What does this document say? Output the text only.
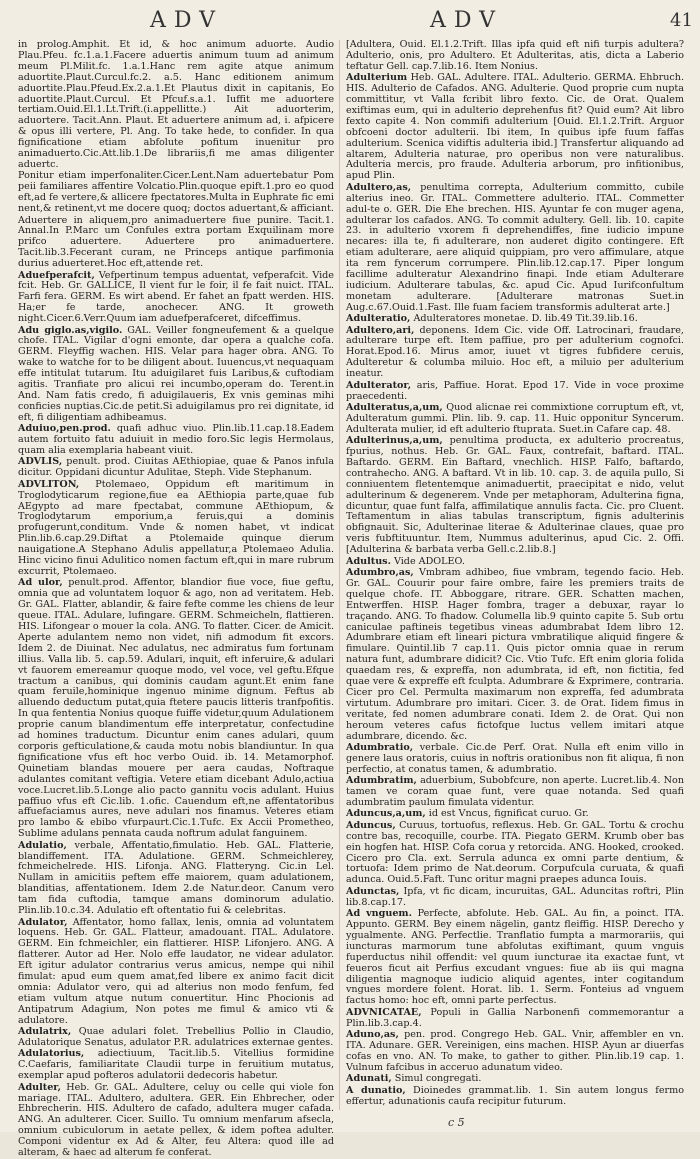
ADV	ADV	41

in prolog.Amphit. Et id, & hoc animum aduorte. Audio Plau.Pfeu. fc.1.a.1.Facere aduertis animum tuum ad animum meum Pl.Milit.fc. 1.a.1.Hanc rem agite atque animum aduortite.Plaut.Curcul.fc.2. a.5. Hanc editionem animum aduortite.Plau.Pfeud.Ex.2.a.1.Et Plautus dixit in capitanis, Eo aduortite.Plaut.Curcul. Et Pfcuf.s.a.1. Iuffit me aduortere tertiam.Ouid.El.1.Lt.Trift.(i.appellitte.) Ait aduorterim, aduortere. Tacit.Ann. Plaut. Et aduertere animum ad, i. afpicere & opus illi vertere, Pl. Ang. To take hede, to confider. In qua fignificatione etiam abfolute pofitum inuenitur pro animaduerto.Cic.Att.lib.1.De librariis,fi me amas diligenter aduertc.

Ponitur etiam imperfonaliter.Cicer.Lent.Nam aduertebatur Pom peii familiares affentire Volcatio.Plin.quoque epift.1.pro eo quod eft,ad fe vertere,& allicere fpectatores.Multa in Euphrate fic emi nent,& retinent,vt me docere quoq; doctos aduertant,& afficiant.

Aduertere in aliquem,pro animaduertere fiue punire. Tacit.1. Annal.In P.Marc um Confules extra portam Exquilinam more prifco aduertere. Aduertere pro animaduertere. Tacit.lib.3.Fecerant curam, ne Princeps antique parfimonia durius aduerteret.Hoc eft,attende ret.

Aduefperafcit, Vefpertinum tempus aduentat, vefperafcit. Vide fcit. Heb. Gr. GALLICE, Il vient fur le foir, il fe fait nuict. ITAL. Farfi fera. GERM. Es wirt abend. Er fahet an fpatt werden. HIS. Ha;er fe tarde, anochecer. ANG. It groweth night.Cicer.6.Verr.Quum iam aduefperafceret, difceffimus.

Adu giglo.as,vigilo. GAL. Veiller fongneufement & a quelque chofe. ITAL. Vigilar d'ogni emonte, dar opera a qualche cofa. GERM. Fleyffig wachen. HIS. Velar para hager obra. ANG. To wake to watche for to be diligent about. Iuuencus,vt nequaquam effe intitulat tutarum. Itu aduigilaret fuis Laribus,& cuftodiam agitis. Tranfiate pro alicui rei incumbo,operam do. Terent.in And. Nam fatis credo, fi aduigilaueris, Ex vnis geminas mihi conficies nuptias.Cic.de petit.Si aduigilamus pro rei dignitate, id eft, fi diligentiam adhibeamus.

Aduiuo,pen.prod. quafi adhuc viuo. Plin.lib.11.cap.18.Eadem autem fortuito fatu aduiuit in medio foro.Sic legis Hermolaus, quam alia exemplaria habeant viuit.

ADVLIS, penult. prod. Ciuitas AEthiopiae, quae & Panos infula dicitur. Oppidani dicuntur Adulitae, Steph. Vide Stephanum.

ADVLITON, Ptolemaeo, Oppidum eft maritimum in Troglodyticarum regione,fiue ea AEthiopia parte,quae fub AEgypto ad mare fpectabat, commune AEthiopum, & Troglodytarum emporium,a feruis,qui a dominis profugerunt,conditum. Vnde & nomen habet, vt indicat Plin.lib.6.cap.29.Diftat a Ptolemaide quinque dierum nauigatione.A Stephano Adulis appellatur,a Ptolemaeo Adulia. Hinc vicino finui Adulitico nomen factum eft,qui in mare rubrum excurrit, Ptolemaeo.

Ad ulor, penult.prod. Affentor, blandior fiue voce, fiue geftu, omnia que ad voluntatem loquor & ago, non ad veritatem. Heb. Gr. GAL. Flatter, ablandir, & faire fefte comme les chiens de leur queue. ITAL. Adulare, lufingare. GERM. Schmeicheln, flattieren. HIS. Lifongear o mouer la cola. ANG. To flatter. Cicer. de Amicit. Aperte adulantem nemo non videt, nifi admodum fit excors. Idem 2. de Diuinat. Nec adulatus, nec admiratus fum fortunam illius. Valla lib. 5. cap.59. Adulari, inquit, eft inferuire,& adulari vt fauorem emereamur quoque modo, vel voce, vel geftu.Efque tractum a canibus, qui dominis caudam agunt.Et enim fane quam feruile,hominique ingenuo minime dignum. Feftus ab alluendo deductum putat,quia ftetere paucis litteris tranfpofitis. In qua fententia Nonius quoque fuiffe videtur,quum Adulationem proprie canum blandimentum effe interpretatur, confectudine ad homines traductum. Dicuntur enim canes adulari, quum corporis gefticulatione,& cauda motu nobis blandiuntur. In qua fignificatione vfus eft hoc verbo Ouid. ib. 14. Metamorphof. Quinetiam blandas mouere per aera caudas, Noftraque adulantes comitant veftigia. Vetere etiam dicebant Adulo,actiua voce.Lucret.lib.5.Longe alio pacto gannitu vocis adulant. Huius paffiuo vfus eft Cic.lib. 1.ofic. Cauendum eft,ne affentatoribus affuefaciamus aures, neve adulari nos finamus. Veteres etiam pro lambo & ebibo vfurpaurt.Cic.1.Tufc. Ex Accii Prometheo, Sublime adulans pennata cauda noftrum adulat fanguinem.

Adulatio, verbale, Affentatio,fimulatio. Heb. GAL. Flatterie, blandiffement. ITA. Adulatione. GERM. Schmeichlerey, fchmeichelrede. HIS. Lifonja. ANG. Flatteryng. Cic.in Lel. Nullam in amicitiis peftem effe maiorem, quam adulationem, blanditias, affentationem. Idem 2.de Natur.deor. Canum vero tam fida cuftodia, tamque amans dominorum adulatio. Plin.lib.10.c.34. Adulatio eft oftentatio fui & celebritas.

Adulator, Affentator, homo fallax, lenis, omnia ad voluntatem loquens. Heb. Gr. GAL. Flatteur, amadouant. ITAL. Adulatore. GERM. Ein fchmeichler, ein flattierer. HISP. Lifonjero. ANG. A flatterer. Autor ad Her. Nolo effe laudator, ne videar adulator. Eft igitur adulator contrarius verus amicus, nempe qui nihil fimulat: apud eum quem amat,fed libere ex animo facit dicit omnia: Adulator vero, qui ad alterius non modo fenfum, fed etiam vultum atque nutum conuertitur. Hinc Phocionis ad Antipatrum Adagium, Non potes me fimul & amico vti & adulatore.

Adulatrix, Quae adulari folet. Trebellius Pollio in Claudio, Adulatorique Senatus, adulator P.R. adulatrices externae gentes.

Adulatorius, adiectiuum, Tacit.lib.5. Vitellius formidine C.Caefaris, familiaritate Claudii turpe in feruitium mutatus, exemplar apud pofteros adulatorii dedecoris habetur.

Adulter, Heb. Gr. GAL. Adultere, celuy ou celle qui viole fon mariage. ITAL. Adultero, adultera. GER. Ein Ehbrecher, oder Ehbrecherin. HIS. Adultero de cafado, adultera muger cafada. ANG. An adulterer. Cicer. Suillo. Tu omnium menfarum afsecla, omnium cubiculorum in aetate pellex, & idem poftea adulter. Componi videntur ex Ad & Alter, feu Altera: quod ille ad alteram, & haec ad alterum fe conferat.

[Adultera, Ouid. El.1.2.Trift. Illas ipfa quid eft nifi turpis adultera? Adulterio, onis, pro Adultero. Et Adulteritas, atis, dicta a Laberio teftatur Gell. cap.7.lib.16. Item Nonius.

Adulterium Heb. GAL. Adultere. ITAL. Adulterio. GERMA. Ehbruch. HIS. Adulterio de Cafados. ANG. Adulterie. Quod proprie cum nupta committitur, vt Valla fcribit libro fexto. Cic. de Orat. Qualem exiftimas eum, qui in adulterio deprehenfus fit? Quid eum? Ait libro fexto capite 4. Non commifi adulterium [Ouid. El.1.2.Trift. Arguor obfcoeni doctor adulterii. Ibi item, In quibus ipfe fuum faffas adulterium. Scenica vidiftis adulteria ibid.] Transfertur aliquando ad altarem, Adulteria naturae, pro operibus non vere naturalibus. Adulteria mercis, pro fraude. Adulteria arborum, pro infitionibus, apud Plin.

Adultero,as, penultima correpta, Adulterium committo, cubile alterius ineo. Gr. ITAL. Commettere adulterio. ITAL. Commetter adul-te o. GER. Die Ehe brechen. HIS. Ayuntar fe con muger agena, adulterar los cafados. ANG. To commit adultery. Gell. lib. 10. capite 23. in adulterio vxorem fi deprehendiffes, fine iudicio impune necares: illa te, fi adulterare, non auderet digito contingere. Eft etiam adulterare, aere aliquid quippiam, pro vero affimulare, atque ita rem fyncerum corrumpere. Plin.lib.12.cap.17. Piper longum facillime adulteratur Alexandrino finapi. Inde etiam Adulterare iudicium. Adulterare tabulas, &c. apud Cic. Apud Iurifconfultum monetam adulterare. [Adulterare matronas Suet.in Aug.c.67.Ouid.1.Fast. Ille fuam faciem transformis adulterat arte.]

Adulteratio, Adulteratores monetae. D. lib.49 Tit.39.lib.16.

Adultero,ari, deponens. Idem Cic. vide Off. Latrocinari, fraudare, adulterare turpe eft. Item paffiue, pro per adulterium cognofci. Horat.Epod.16. Mirus amor, iuuet vt tigres fubfidere ceruis, Adulteretur & columba miluio. Hoc eft, a miluio per adulterium ineatur.

Adulterator, aris, Paffiue. Horat. Epod 17. Vide in voce proxime praecedenti.

Adulteratus,a,um, Quod alicnae rei commixtione corruptum eft, vt, Adulteratum gummi. Plin. lib. 9. cap. 11. Huic opponitur Syncerum. Adulterata mulier, id eft adulterio ftuprata. Suet.in Cafare cap. 48.

Adulterinus,a,um, penultima producta, ex adulterio procreatus, fpurius, nothus. Heb. Gr. GAL. Faux, contrefait, baftard. ITAL. Baftardo. GERM. Ein Baftard, vnechlich. HISP. Falfo, baftardo, contrahecho. ANG. A baftard. Vt in lib. 10. cap. 3. de aquila pullo, Si conniuentem fletentemque animaduertit, praecipitat e nido, velut adulterinum & degenerem. Vnde per metaphoram, Adulterina figna, dicuntur, quae funt falfa, affimilatique annulis facta. Cic. pro Cluent. Teftamentum in alias tabulas transcriptum, fignis adulterinis obfignauit. Sic, Adulterinae literae & Adulterinae claues, quae pro veris fubftituuntur. Item, Nummus adulterinus, apud Cic. 2. Offi. [Adulterina & barbata verba Gell.c.2.lib.8.]

Adultus. Vide ADOLEO.

Adumbro,as, Vmbram adhibeo, fiue vmbram, tegendo facio. Heb. Gr. GAL. Couurir pour faire ombre, faire les premiers traits de quelque chofe. IT. Abboggare, ritrare. GER. Schatten machen, Entwerffen. HISP. Hager fombra, trager a debuxar, rayar lo traçando. ANG. To fhadow. Columella lib.9 quinto capite 5. Sub ortu caniculae paftineis tegetibus vineas adumbrabat Idem libro 12. Adumbrare etiam eft lineari pictura vmbratilique aliquid fingere & fimulare. Quintil.lib 7 cap.11. Quis pictor omnia quae in rerum natura funt, adumbrare didicit? Cic. Vtio Tufc. Eft enim gloria folida quaedam res, & expreffa, non adumbrata, id eft, non fictitia, fed quae vere & expreffe eft fculpta. Adumbrare & Exprimere, contraria. Cicer pro Cel. Permulta maximarum non expreffa, fed adumbrata virtutum. Adumbrare pro imitari. Cicer. 3. de Orat. Iidem fimus in veritate, fed nomen adumbrare conati. Idem 2. de Orat. Qui non heroum veteres cafus fictofque luctus vellem imitari atque adumbrare, dicendo. &c.

Adumbratio, verbale. Cic.de Perf. Orat. Nulla eft enim villo in genere laus oratoris, cuius in noftris orationibus non fit aliqua, fi non perfectio, at conatus tamen, & adumbratio.

Adumbratim, aduerbium, Subobfcure, non aperte. Lucret.lib.4. Non tamen ve coram quae funt, vere quae notanda. Sed quafi adumbratim paulum fimulata videntur.

Aduncus,a,um, id est Vncus, fignificat curuo. Gr.

Aduncus, Curuus, tortuofus, reflexus. Heb. Gr. GAL. Tortu & crochu contre bas, recoquille, courbe. ITA. Piegato GERM. Krumb ober bas ein hogfen hat. HISP. Cofa corua y retorcida. ANG. Hooked, crooked. Cicero pro Cla. ext. Serrula adunca ex omni parte dentium, & tortuofa: Idem primo de Nat.deorum. Corpufcula curuata, & quafi adunca. Ouid.5.Faft. Tunc oritur magni praepes adunca Iouis.

Adunctas, Ipfa, vt fic dicam, incuruitas, GAL. Aduncitas roftri, Plin lib.8.cap.17.

Ad vnguem. Perfecte, abfolute. Heb. GAL. Au fin, a poinct. ITA. Appunto. GERM. Bey einem nägelin, gantz fleiffig. HISP. Derecho y ygualmente. ANG. Perfectlie. Tranflatio fumpta a marmorariis, qui iuncturas marmorum tune abfolutas exiftimant, quum vnguis fuperductus nihil offendit: vel quum iuncturae ita exactae funt, vt feueros ficut ait Perfius excudant vngues: fiue ab iis qui magna diligentia magnoque iudicio aliquid agentes, inter cogitandum vngues mordere folent. Horat. lib. 1. Serm. Fonteius ad vnguem factus homo: hoc eft, omni parte perfectus.

ADVNICATAE, Populi in Gallia Narbonenfi commemorantur a Plin.lib.3.cap.4.

Aduno,as, pen. prod. Congrego Heb. GAL. Vnir, affembler en vn. ITA. Adunare. GER. Vereinigen, eins machen. HISP. Ayun ar diuerfas cofas en vno. AN. To make, to gather to gither. Plin.lib.19 cap. 1. Vulnum fafcibus in acceruo adunatum video.

Adunati, Simul congregati.

A dunatio, Dioinedes grammat.lib. 1. Sin autem longus fermo effertur, adunationis caufa recipitur futurum.

c 5
